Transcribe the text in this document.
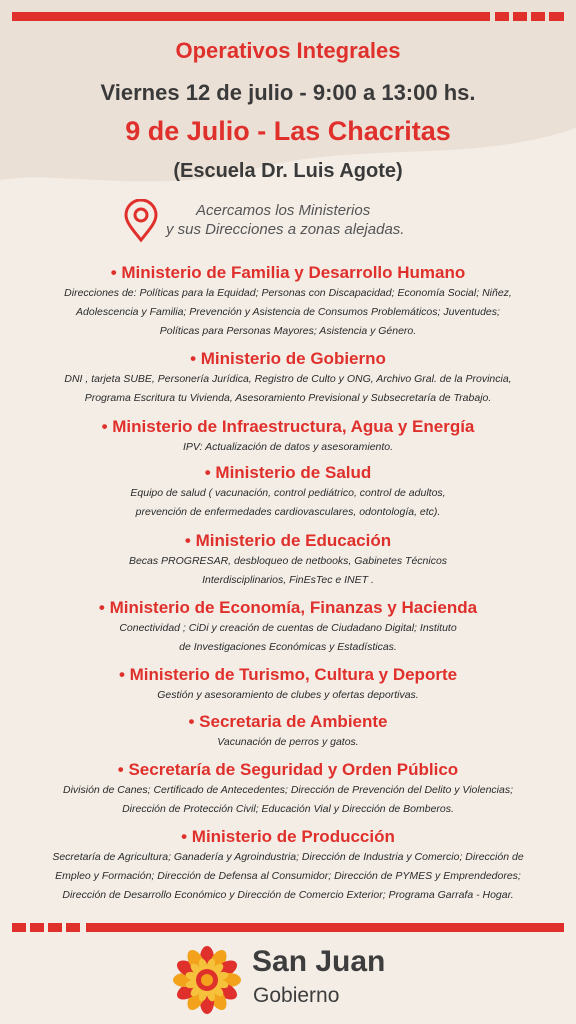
Operativos Integrales
Viernes 12 de julio - 9:00 a 13:00 hs.
9 de Julio - Las Chacritas
(Escuela Dr. Luis Agote)
Acercamos los Ministerios
y sus Direcciones a zonas alejadas.
• Ministerio de Familia y Desarrollo Humano
Direcciones de: Políticas para la Equidad; Personas con Discapacidad; Economía Social; Niñez,
Adolescencia y Familia; Prevención y Asistencia de Consumos Problemáticos; Juventudes;
Políticas para Personas Mayores; Asistencia y Género.
• Ministerio de Gobierno
DNI , tarjeta SUBE, Personería Jurídica, Registro de Culto y ONG, Archivo Gral. de la Provincia,
Programa Escritura tu Vivienda, Asesoramiento Previsional y Subsecretaría de Trabajo.
• Ministerio de Infraestructura, Agua y Energía
IPV: Actualización de datos y asesoramiento.
• Ministerio de Salud
Equipo de salud ( vacunación, control pediátrico, control de adultos,
prevención de enfermedades cardiovasculares, odontología, etc).
• Ministerio de Educación
Becas PROGRESAR, desbloqueo de netbooks, Gabinetes Técnicos
Interdisciplinarios, FinEsTec e INET .
• Ministerio de Economía, Finanzas y Hacienda
Conectividad ; CiDi y creación de cuentas de Ciudadano Digital; Instituto
de Investigaciones Económicas y Estadísticas.
• Ministerio de Turismo, Cultura y Deporte
Gestión y asesoramiento de clubes y ofertas deportivas.
• Secretaria de Ambiente
Vacunación de perros y gatos.
• Secretaría de Seguridad y Orden Público
División de Canes; Certificado de Antecedentes; Dirección de Prevención del Delito y Violencias;
Dirección de Protección Civil; Educación Vial y Dirección de Bomberos.
• Ministerio de Producción
Secretaría de Agricultura; Ganadería y Agroindustria; Dirección de Industria y Comercio; Dirección de
Empleo y Formación; Dirección de Defensa al Consumidor; Dirección de PYMES y Emprendedores;
Dirección de Desarrollo Económico y Dirección de Comercio Exterior; Programa Garrafa - Hogar.
San Juan
Gobierno
